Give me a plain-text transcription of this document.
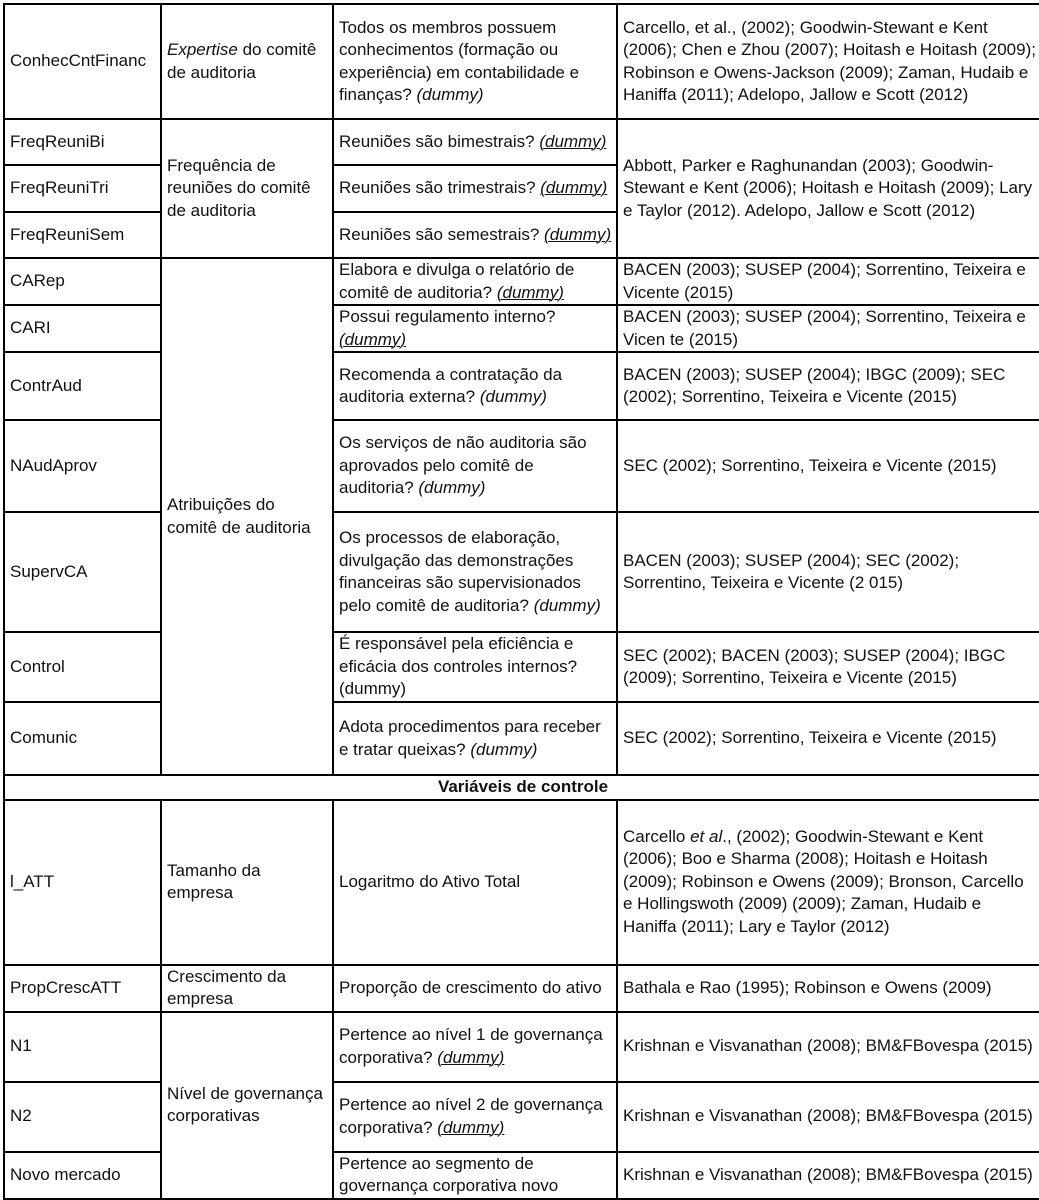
ConhecCntFinanc	Expertise do comitê de auditoria	Todos os membros possuem conhecimentos (formação ou experiência) em contabilidade e finanças? (dummy)	Carcello, et al., (2002); Goodwin-Stewant e Kent (2006); Chen e Zhou (2007); Hoitash e Hoitash (2009); Robinson e Owens-Jackson (2009); Zaman, Hudaib e Haniffa (2011); Adelopo, Jallow e Scott (2012)
FreqReuniBi	Frequência de reuniões do comitê de auditoria	Reuniões são bimestrais? (dummy)	Abbott, Parker e Raghunandan (2003); Goodwin-Stewant e Kent (2006); Hoitash e Hoitash (2009); Lary e Taylor (2012). Adelopo, Jallow e Scott (2012)
FreqReuniTri		Reuniões são trimestrais? (dummy)	
FreqReuniSem		Reuniões são semestrais? (dummy)	
CARep	Atribuições do comitê de auditoria	Elabora e divulga o relatório de comitê de auditoria? (dummy)	BACEN (2003); SUSEP (2004); Sorrentino, Teixeira e Vicente (2015)
CARI		Possui regulamento interno? (dummy)	BACEN (2003); SUSEP (2004); Sorrentino, Teixeira e Vicen te (2015)
ContrAud		Recomenda a contratação da auditoria externa? (dummy)	BACEN (2003); SUSEP (2004); IBGC (2009); SEC (2002); Sorrentino, Teixeira e Vicente (2015)
NAudAprov		Os serviços de não auditoria são aprovados pelo comitê de auditoria? (dummy)	SEC (2002); Sorrentino, Teixeira e Vicente (2015)
SupervCA		Os processos de elaboração, divulgação das demonstrações financeiras são supervisionados pelo comitê de auditoria? (dummy)	BACEN (2003); SUSEP (2004); SEC (2002); Sorrentino, Teixeira e Vicente (2 015)
Control		É responsável pela eficiência e eficácia dos controles internos? (dummy)	SEC (2002); BACEN (2003); SUSEP (2004); IBGC (2009); Sorrentino, Teixeira e Vicente (2015)
Comunic		Adota procedimentos para receber e tratar queixas? (dummy)	SEC (2002); Sorrentino, Teixeira e Vicente (2015)
Variáveis de controle			
l_ATT	Tamanho da empresa	Logaritmo do Ativo Total	Carcello et al., (2002); Goodwin-Stewant e Kent (2006); Boo e Sharma (2008); Hoitash e Hoitash (2009); Robinson e Owens (2009); Bronson, Carcello e Hollingswoth (2009) (2009); Zaman, Hudaib e Haniffa (2011); Lary e Taylor (2012)
PropCrescATT	Crescimento da empresa	Proporção de crescimento do ativo	Bathala e Rao (1995); Robinson e Owens (2009)
N1	Nível de governança corporativas	Pertence ao nível 1 de governança corporativa? (dummy)	Krishnan e Visvanathan (2008); BM&FBovespa (2015)
N2		Pertence ao nível 2 de governança corporativa? (dummy)	Krishnan e Visvanathan (2008); BM&FBovespa (2015)
Novo mercado		Pertence ao segmento de governança corporativa novo	Krishnan e Visvanathan (2008); BM&FBovespa (2015)
